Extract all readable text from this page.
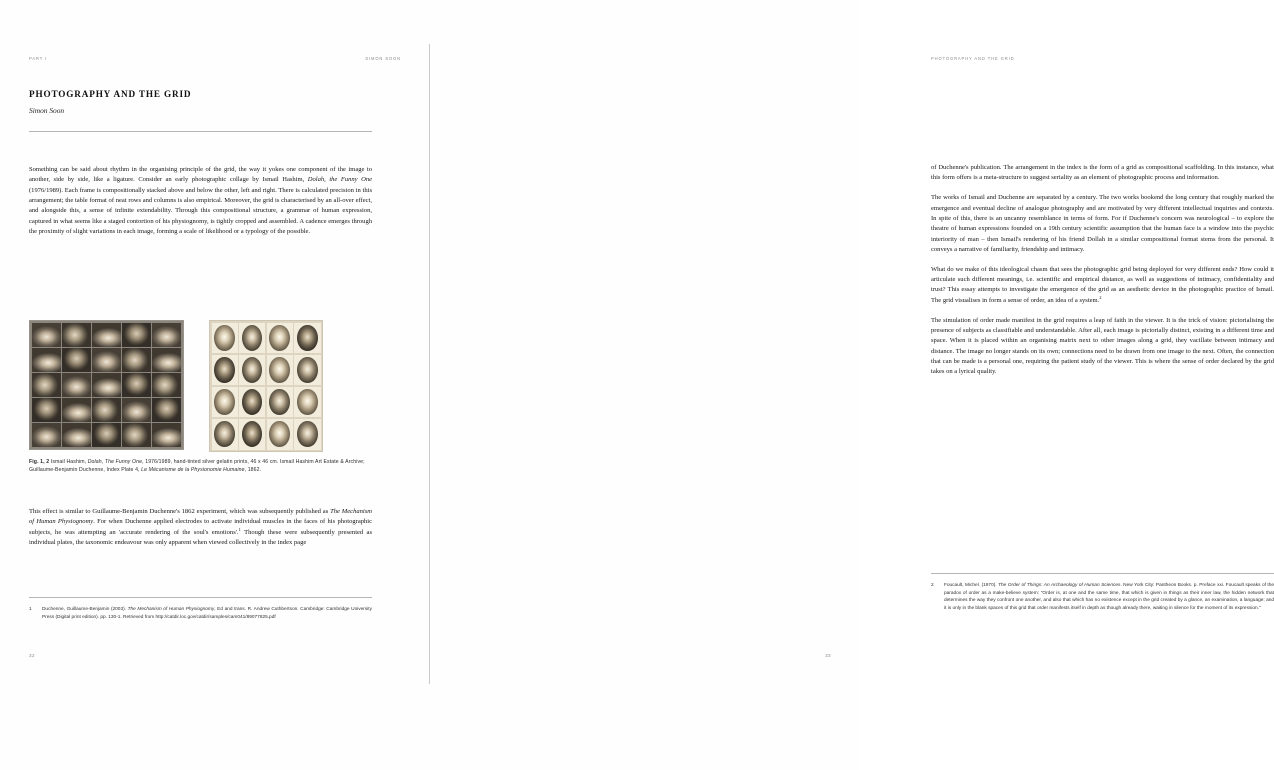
PART I	SIMON SOON
PHOTOGRAPHY AND THE GRID

Simon Soon

Something can be said about rhythm in the organising principle of the grid, the way it yokes one component of the image to another, side by side, like a ligature. Consider an early photographic collage by Ismail Hashim, Dolah, the Funny One (1976/1989). Each frame is compositionally stacked above and below the other, left and right. There is calculated precision in this arrangement; the table format of neat rows and columns is also empirical. Moreover, the grid is characterised by an all-over effect, and alongside this, a sense of infinite extendability. Through this compositional structure, a grammar of human expression, captured in what seems like a staged contortion of his physiognomy, is tightly cropped and assembled. A cadence emerges through the proximity of slight variations in each image, forming a scale of likelihood or a typology of the possible.

Fig. 1, 2 Ismail Hashim, Dolah, The Funny One, 1976/1989, hand-tinted silver gelatin prints, 46 x 46 cm. Ismail Hashim Art Estate & Archive; Guillaume-Benjamin Duchenne, Index Plate 4, Le Mécanisme de la Physionomie Humaine, 1862.

This effect is similar to Guillaume-Benjamin Duchenne's 1862 experiment, which was subsequently published as The Mechanism of Human Physiognomy. For when Duchenne applied electrodes to activate individual muscles in the faces of his photographic subjects, he was attempting an 'accurate rendering of the soul's emotions'.$^1$ Though these were subsequently presented as individual plates, the taxonomic endeavour was only apparent when viewed collectively in the index page

1	Duchenne, Guillaume-Benjamin (2003). The Mechanism of Human Physiognomy, Ed and trans. R. Andrew Cuthbertson. Cambridge: Cambridge University Press (Digital print edition). pp. 130-1. Retrieved from http://catdir.loc.gov/catdir/samples/cam041/89077825.pdf
32
PHOTOGRAPHY AND THE GRID

of Duchenne's publication. The arrangement in the index is the form of a grid as compositional scaffolding. In this instance, what this form offers is a meta-structure to suggest seriality as an element of photographic process and information.

The works of Ismail and Duchenne are separated by a century. The two works bookend the long century that roughly marked the emergence and eventual decline of analogue photography and are motivated by very different intellectual inquiries and contexts. In spite of this, there is an uncanny resemblance in terms of form. For if Duchenne's concern was neurological – to explore the theatre of human expressions founded on a 19th century scientific assumption that the human face is a window into the psychic interiority of man – then Ismail's rendering of his friend Dollah in a similar compositional format stems from the personal. It conveys a narrative of familiarity, friendship and intimacy.

What do we make of this ideological chasm that sees the photographic grid being deployed for very different ends? How could it articulate such different meanings, i.e. scientific and empirical distance, as well as suggestions of intimacy, confidentiality and trust? This essay attempts to investigate the emergence of the grid as an aesthetic device in the photographic practice of Ismail. The grid visualises in form a sense of order, an idea of a system.$^2$

The simulation of order made manifest in the grid requires a leap of faith in the viewer. It is the trick of vision: pictorialising the presence of subjects as classifiable and understandable. After all, each image is pictorially distinct, existing in a different time and space. When it is placed within an organising matrix next to other images along a grid, they vacillate between intimacy and distance. The image no longer stands on its own; connections need to be drawn from one image to the next. Often, the connection that can be made is a personal one, requiring the patient study of the viewer. This is where the sense of order declared by the grid takes on a lyrical quality.

2	Foucault, Michel. (1970). The Order of Things: An Archaeology of Human Sciences. New York City: Pantheon Books. p. Preface xxi. Foucault speaks of the paradox of order as a make-believe system: "Order is, at one and the same time, that which is given in things as their inner law, the hidden network that determines the way they confront one another, and also that which has no existence except in the grid created by a glance, an examination, a language; and it is only in the blank spaces of this grid that order manifests itself in depth as though already there, waiting in silence for the moment of its expression."
33
